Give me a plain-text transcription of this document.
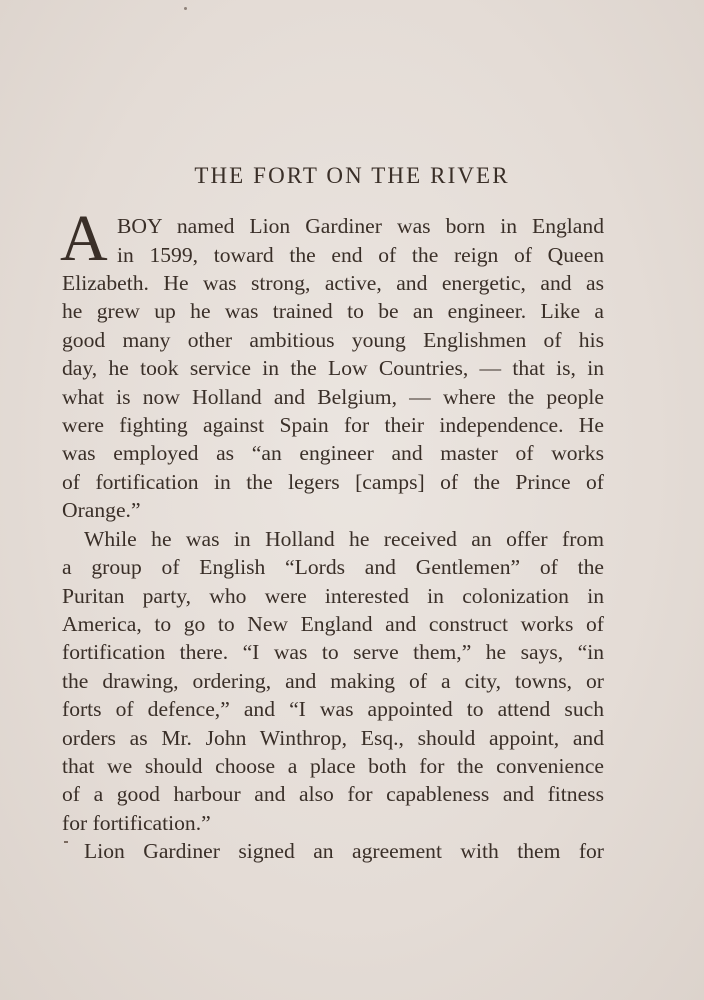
THE FORT ON THE RIVER
A BOY named Lion Gardiner was born in England
in 1599, toward the end of the reign of Queen
Elizabeth. He was strong, active, and energetic, and as
he grew up he was trained to be an engineer. Like a
good many other ambitious young Englishmen of his
day, he took service in the Low Countries, — that is, in
what is now Holland and Belgium, — where the people
were fighting against Spain for their independence. He
was employed as “an engineer and master of works
of fortification in the legers [camps] of the Prince of
Orange.”
While he was in Holland he received an offer from
a group of English “Lords and Gentlemen” of the
Puritan party, who were interested in colonization in
America, to go to New England and construct works of
fortification there. “I was to serve them,” he says, “in
the drawing, ordering, and making of a city, towns, or
forts of defence,” and “I was appointed to attend such
orders as Mr. John Winthrop, Esq., should appoint, and
that we should choose a place both for the convenience
of a good harbour and also for capableness and fitness
for fortification.”
Lion Gardiner signed an agreement with them for
